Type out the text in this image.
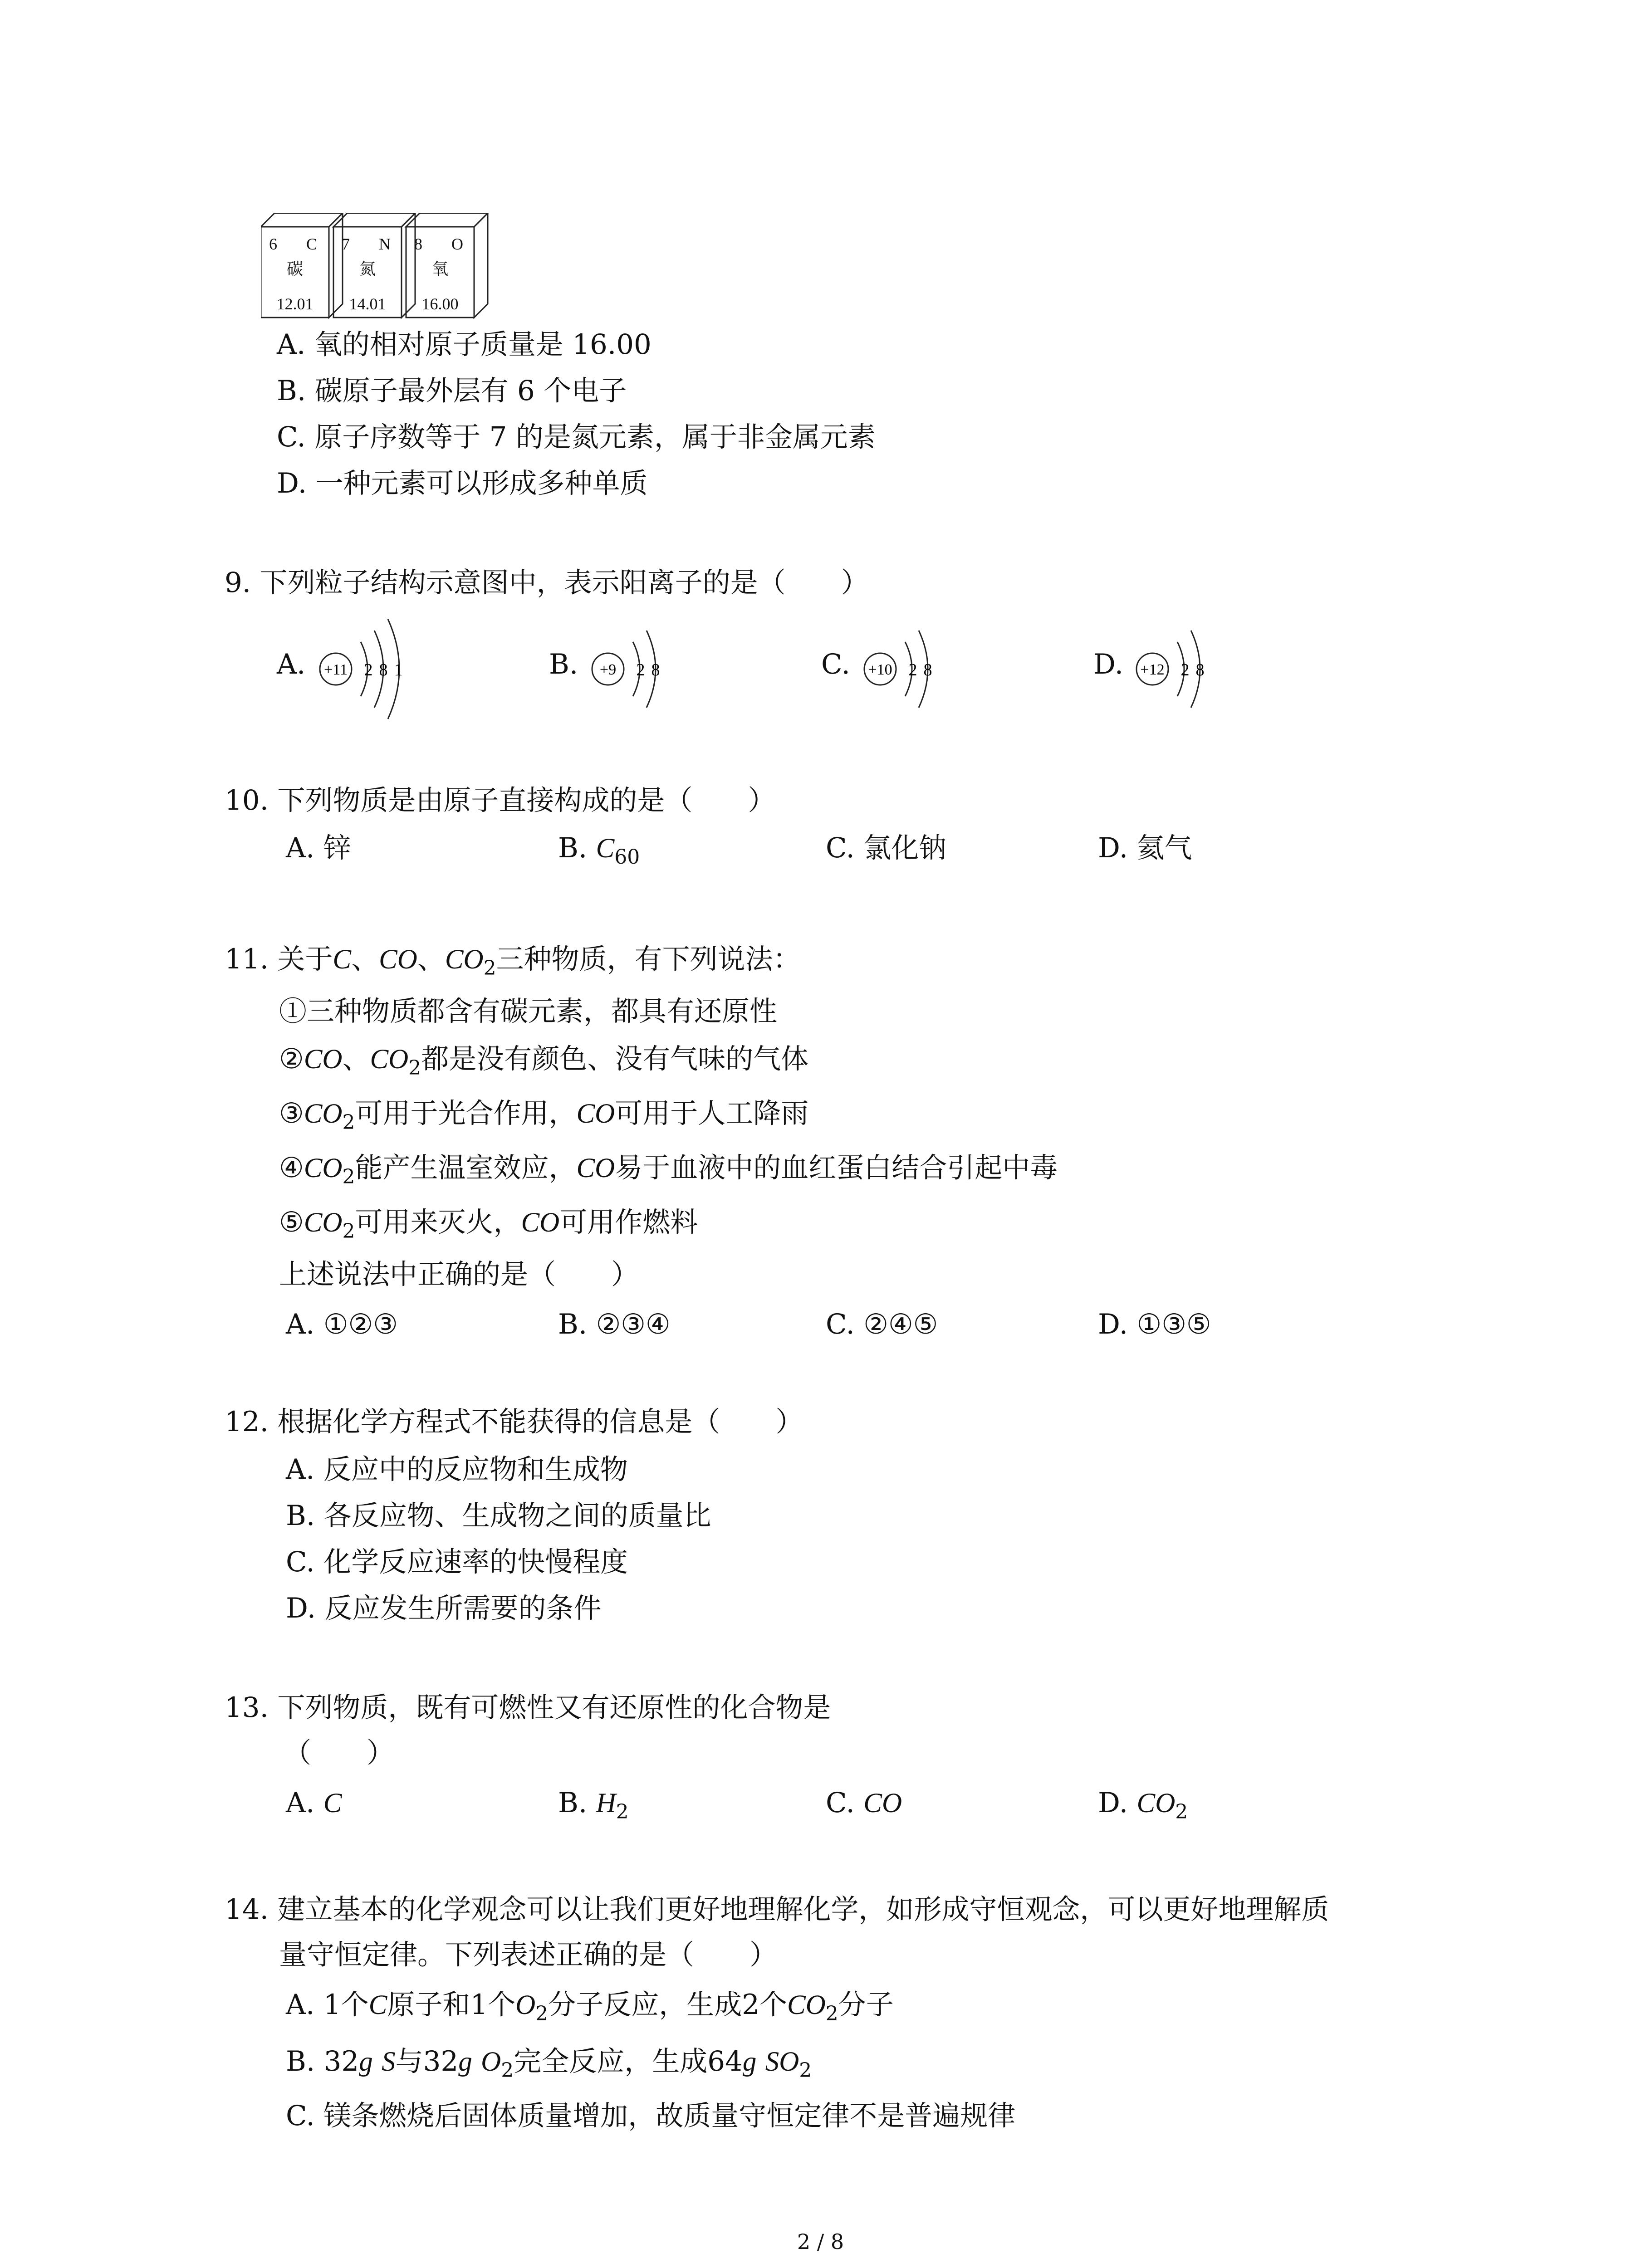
6 C
碳
12.01
7 N
氮
14.01
8 O
氧
16.00
A. 氧的相对原子质量是 16.00
B. 碳原子最外层有 6 个电子
C. 原子序数等于 7 的是氮元素，属于非金属元素
D. 一种元素可以形成多种单质
9. 下列粒子结构示意图中，表示阳离子的是（　　）
A. +11 2 8 1	B. +9 2 8	C. +10 2 8	D. +12 2 8
10. 下列物质是由原子直接构成的是（　　）
A. 锌	B. $C_{60}$	C. 氯化钠	D. 氦气
11. 关于C、CO、$CO_2$三种物质，有下列说法：
①三种物质都含有碳元素，都具有还原性
②CO、$CO_2$都是没有颜色、没有气味的气体
$③CO_2$可用于光合作用，CO可用于人工降雨
$④CO_2$能产生温室效应，CO易于血液中的血红蛋白结合引起中毒
$⑤CO_2$可用来灭火，CO可用作燃料
上述说法中正确的是（　　）
A. ①②③	B. ②③④	C. ②④⑤	D. ①③⑤
12. 根据化学方程式不能获得的信息是（　　）
A. 反应中的反应物和生成物
B. 各反应物、生成物之间的质量比
C. 化学反应速率的快慢程度
D. 反应发生所需要的条件
13. 下列物质，既有可燃性又有还原性的化合物是
（　　）
A. C	B. $H_2$	C. CO	D. $CO_2$
14. 建立基本的化学观念可以让我们更好地理解化学，如形成守恒观念，可以更好地理解质
量守恒定律。下列表述正确的是（　　）
A. 1个C原子和1个$O_2$分子反应，生成2个$CO_2$分子
B. 32g S与32g $O_2$完全反应，生成64g $SO_2$
C. 镁条燃烧后固体质量增加，故质量守恒定律不是普遍规律
2 / 8
